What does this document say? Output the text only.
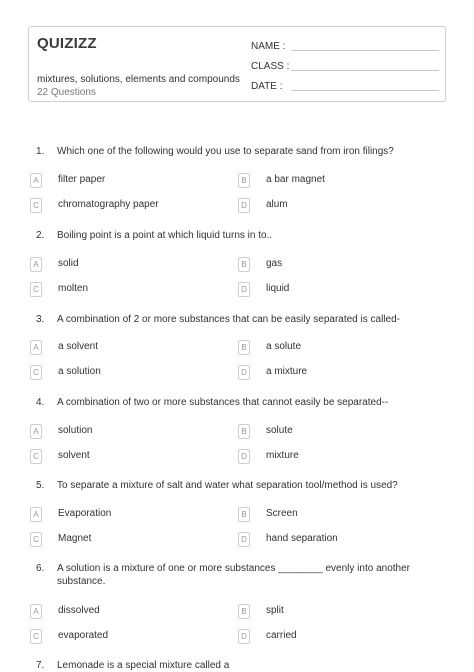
QUIZIZZ
mixtures, solutions, elements and compounds
22 Questions
NAME :
CLASS :
DATE :
1. Which one of the following would you use to separate sand from iron filings?
A	filter paper	B	a bar magnet
C	chromatography paper	D	alum
2. Boiling point is a point at which liquid turns in to..
A	solid	B	gas
C	molten	D	liquid
3. A combination of 2 or more substances that can be easily separated is called-
A	a solvent	B	a solute
C	a solution	D	a mixture
4. A combination of two or more substances that cannot easily be separated--
A	solution	B	solute
C	solvent	D	mixture
5. To separate a mixture of salt and water what separation tool/method is used?
A	Evaporation	B	Screen
C	Magnet	D	hand separation
6. A solution is a mixture of one or more substances ________ evenly into another substance.
A	dissolved	B	split
C	evaporated	D	carried
7. Lemonade is a special mixture called a
